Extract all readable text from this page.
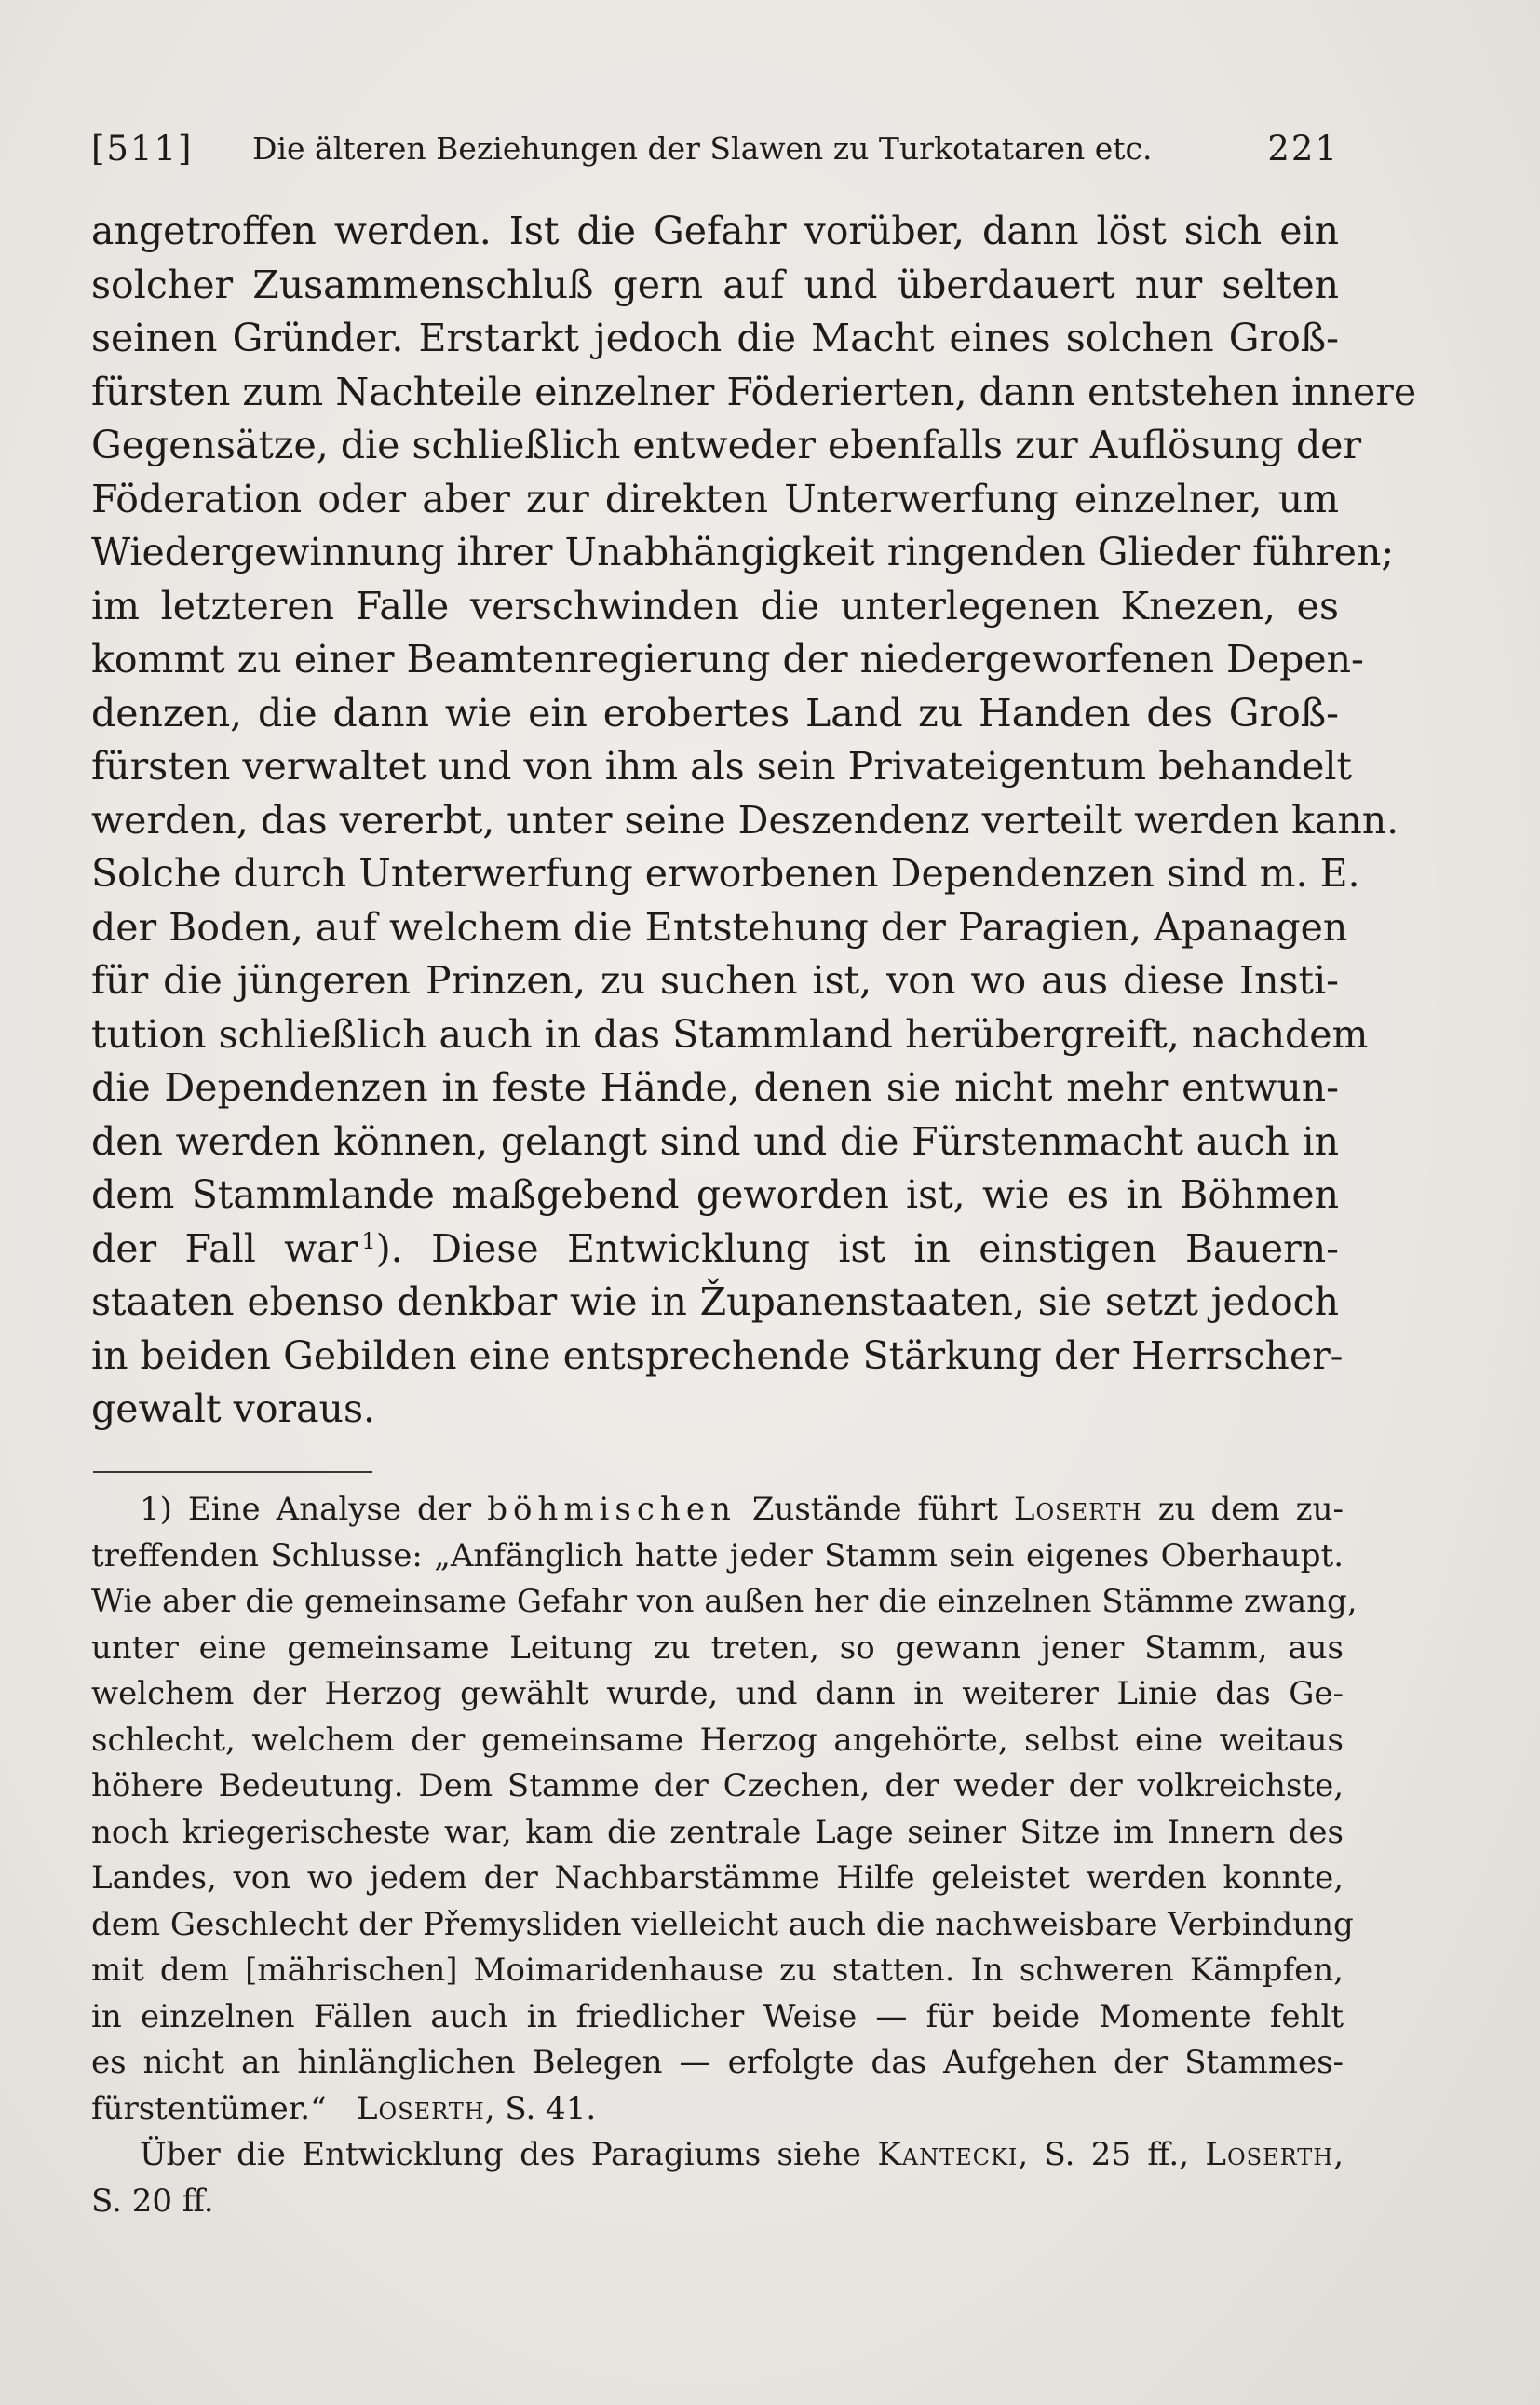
[511] Die älteren Beziehungen der Slawen zu Turkotataren etc.	221
angetroffen werden. Ist die Gefahr vorüber, dann löst sich ein
solcher Zusammenschluß gern auf und überdauert nur selten
seinen Gründer. Erstarkt jedoch die Macht eines solchen Groß-
fürsten zum Nachteile einzelner Föderierten, dann entstehen innere
Gegensätze, die schließlich entweder ebenfalls zur Auflösung der
Föderation oder aber zur direkten Unterwerfung einzelner, um
Wiedergewinnung ihrer Unabhängigkeit ringenden Glieder führen;
im letzteren Falle verschwinden die unterlegenen Knezen, es
kommt zu einer Beamtenregierung der niedergeworfenen Depen-
denzen, die dann wie ein erobertes Land zu Handen des Groß-
fürsten verwaltet und von ihm als sein Privateigentum behandelt
werden, das vererbt, unter seine Deszendenz verteilt werden kann.
Solche durch Unterwerfung erworbenen Dependenzen sind m. E.
der Boden, auf welchem die Entstehung der Paragien, Apanagen
für die jüngeren Prinzen, zu suchen ist, von wo aus diese Insti-
tution schließlich auch in das Stammland herübergreift, nachdem
die Dependenzen in feste Hände, denen sie nicht mehr entwun-
den werden können, gelangt sind und die Fürstenmacht auch in
dem Stammlande maßgebend geworden ist, wie es in Böhmen
der Fall war  $^1$). Diese Entwicklung ist in einstigen Bauern-
staaten ebenso denkbar wie in Županenstaaten, sie setzt jedoch
in beiden Gebilden eine entsprechende Stärkung der Herrscher-
gewalt voraus.
1) Eine Analyse der böhmischen Zustände führt Loserth zu dem zu-
treffenden Schlusse: „Anfänglich hatte jeder Stamm sein eigenes Oberhaupt.
Wie aber die gemeinsame Gefahr von außen her die einzelnen Stämme zwang,
unter eine gemeinsame Leitung zu treten, so gewann jener Stamm, aus
welchem der Herzog gewählt wurde, und dann in weiterer Linie das Ge-
schlecht, welchem der gemeinsame Herzog angehörte, selbst eine weitaus
höhere Bedeutung. Dem Stamme der Czechen, der weder der volkreichste,
noch kriegerischeste war, kam die zentrale Lage seiner Sitze im Innern des
Landes, von wo jedem der Nachbarstämme Hilfe geleistet werden konnte,
dem Geschlecht der Přemysliden vielleicht auch die nachweisbare Verbindung
mit dem [mährischen] Moimaridenhause zu statten. In schweren Kämpfen,
in einzelnen Fällen auch in friedlicher Weise — für beide Momente fehlt
es nicht an hinlänglichen Belegen — erfolgte das Aufgehen der Stammes-
fürstentümer.“ Loserth, S. 41.
Über die Entwicklung des Paragiums siehe Kantecki, S. 25 ff., Loserth,
S. 20 ff.
